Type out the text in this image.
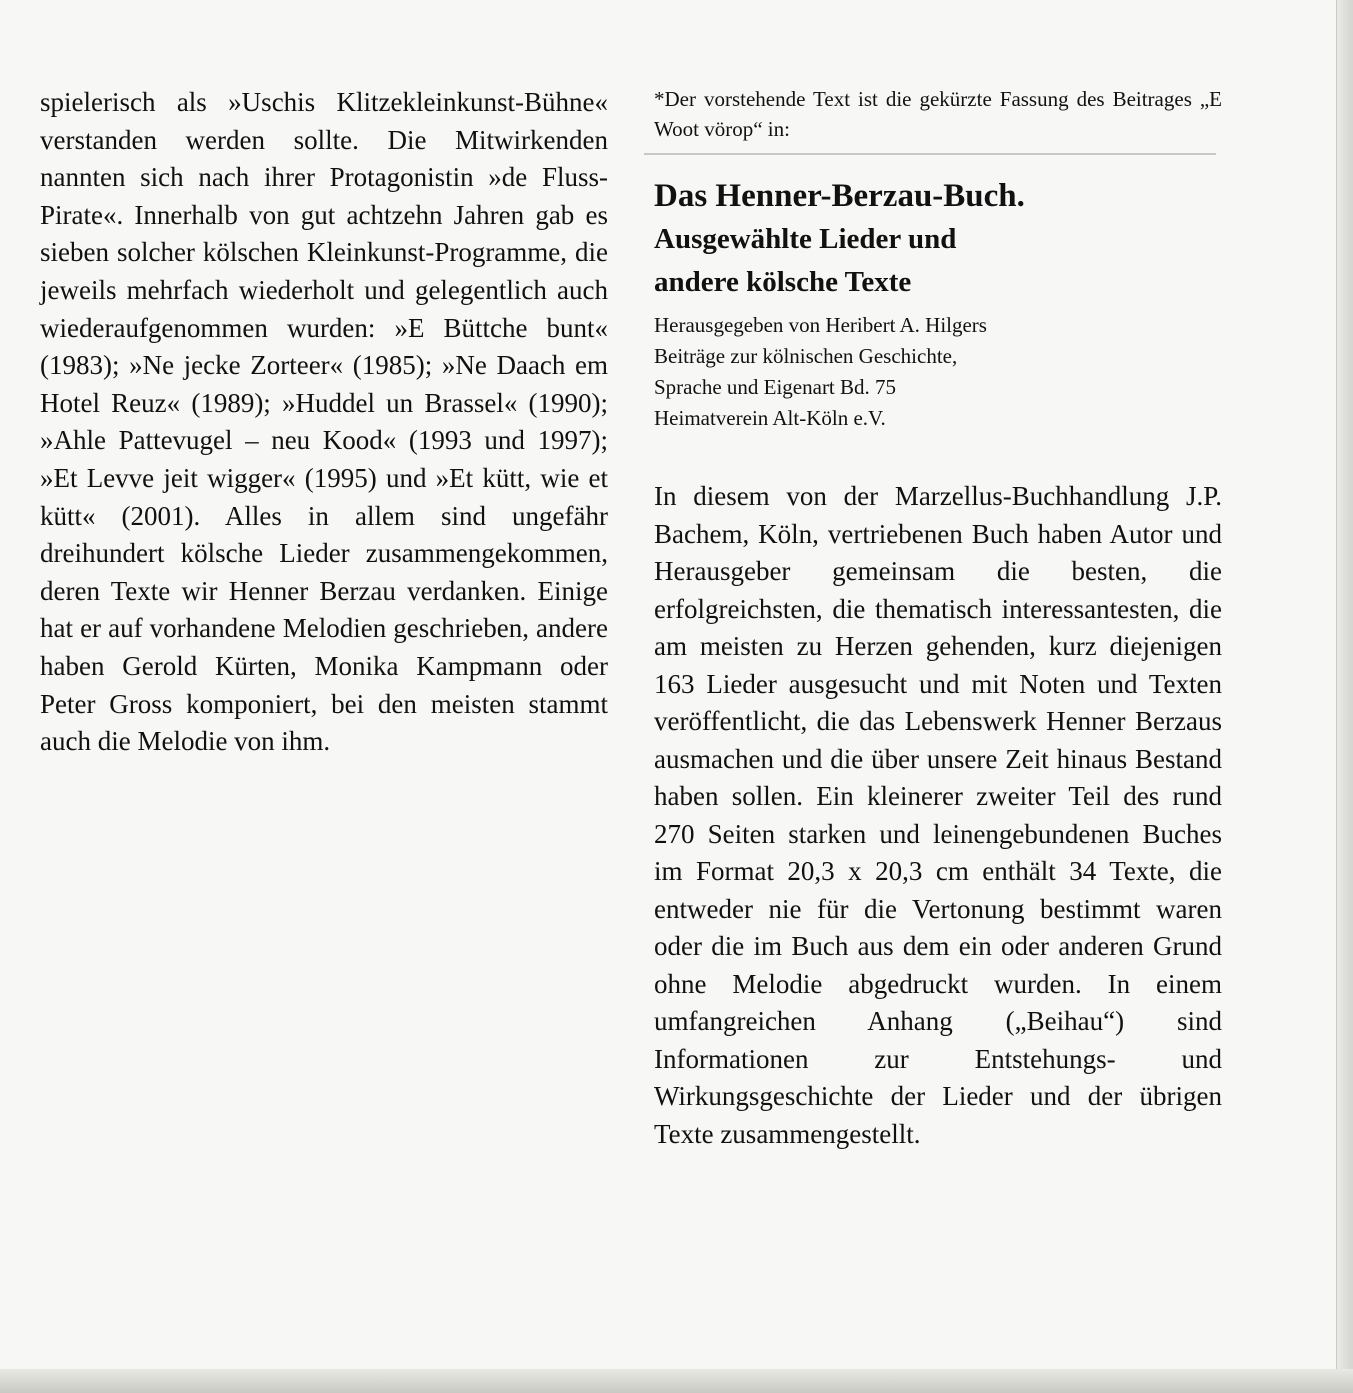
spielerisch als »Uschis Klitzekleinkunst-Bühne« verstanden werden sollte. Die Mitwirkenden nannten sich nach ihrer Protagonistin »de Fluss-Pirate«. Innerhalb von gut achtzehn Jahren gab es sieben solcher kölschen Kleinkunst-Programme, die jeweils mehrfach wiederholt und gelegentlich auch wiederaufgenommen wurden: »E Büttche bunt« (1983); »Ne jecke Zorteer« (1985); »Ne Daach em Hotel Reuz« (1989); »Huddel un Brassel« (1990); »Ahle Pattevugel – neu Kood« (1993 und 1997); »Et Levve jeit wigger« (1995) und »Et kütt, wie et kütt« (2001). Alles in allem sind ungefähr dreihundert kölsche Lieder zusammengekommen, deren Texte wir Henner Berzau verdanken. Einige hat er auf vorhandene Melodien geschrieben, andere haben Gerold Kürten, Monika Kampmann oder Peter Gross komponiert, bei den meisten stammt auch die Melodie von ihm.

*Der vorstehende Text ist die gekürzte Fassung des Beitrages „E Woot vörop“ in:

Das Henner-Berzau-Buch.
Ausgewählte Lieder und
andere kölsche Texte
Herausgegeben von Heribert A. Hilgers
Beiträge zur kölnischen Geschichte,
Sprache und Eigenart Bd. 75
Heimatverein Alt-Köln e.V.

In diesem von der Marzellus-Buchhandlung J.P. Bachem, Köln, vertriebenen Buch haben Autor und Herausgeber gemeinsam die besten, die erfolgreichsten, die thematisch interessantesten, die am meisten zu Herzen gehenden, kurz diejenigen 163 Lieder ausgesucht und mit Noten und Texten veröffentlicht, die das Lebenswerk Henner Berzaus ausmachen und die über unsere Zeit hinaus Bestand haben sollen. Ein kleinerer zweiter Teil des rund 270 Seiten starken und leinengebundenen Buches im Format 20,3 x 20,3 cm enthält 34 Texte, die entweder nie für die Vertonung bestimmt waren oder die im Buch aus dem ein oder anderen Grund ohne Melodie abgedruckt wurden. In einem umfangreichen Anhang („Beihau“) sind Informationen zur Entstehungs- und Wirkungsgeschichte der Lieder und der übrigen Texte zusammengestellt.
